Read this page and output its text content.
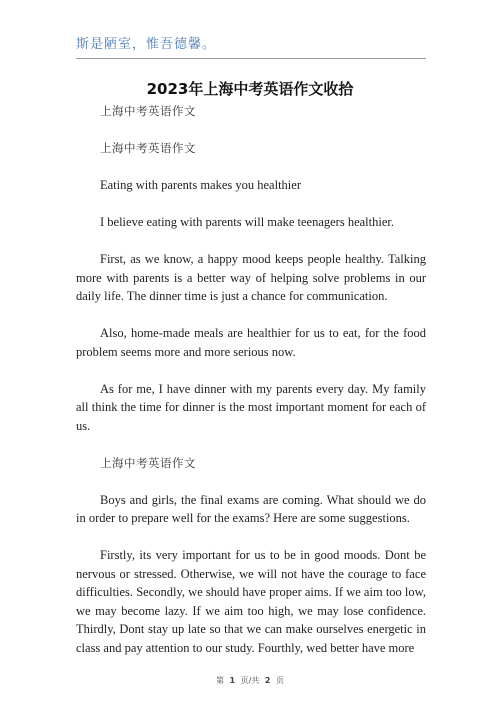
斯是陋室，惟吾德馨。
2023年上海中考英语作文收拾

上海中考英语作文

上海中考英语作文

Eating with parents makes you healthier

I believe eating with parents will make teenagers healthier.

First, as we know, a happy mood keeps people healthy. Talking more with parents is a better way of helping solve problems in our daily life. The dinner time is just a chance for communication.

Also, home-made meals are healthier for us to eat, for the food problem seems more and more serious now.

As for me, I have dinner with my parents every day. My family all think the time for dinner is the most important moment for each of us.

上海中考英语作文

Boys and girls, the final exams are coming. What should we do in order to prepare well for the exams? Here are some suggestions.

Firstly, its very important for us to be in good moods. Dont be nervous or stressed. Otherwise, we will not have the courage to face difficulties. Secondly, we should have proper aims. If we aim too low, we may become lazy. If we aim too high, we may lose confidence. Thirdly, Dont stay up late so that we can make ourselves energetic in class and pay attention to our study. Fourthly, wed better have more

第 1 页/共 2 页
